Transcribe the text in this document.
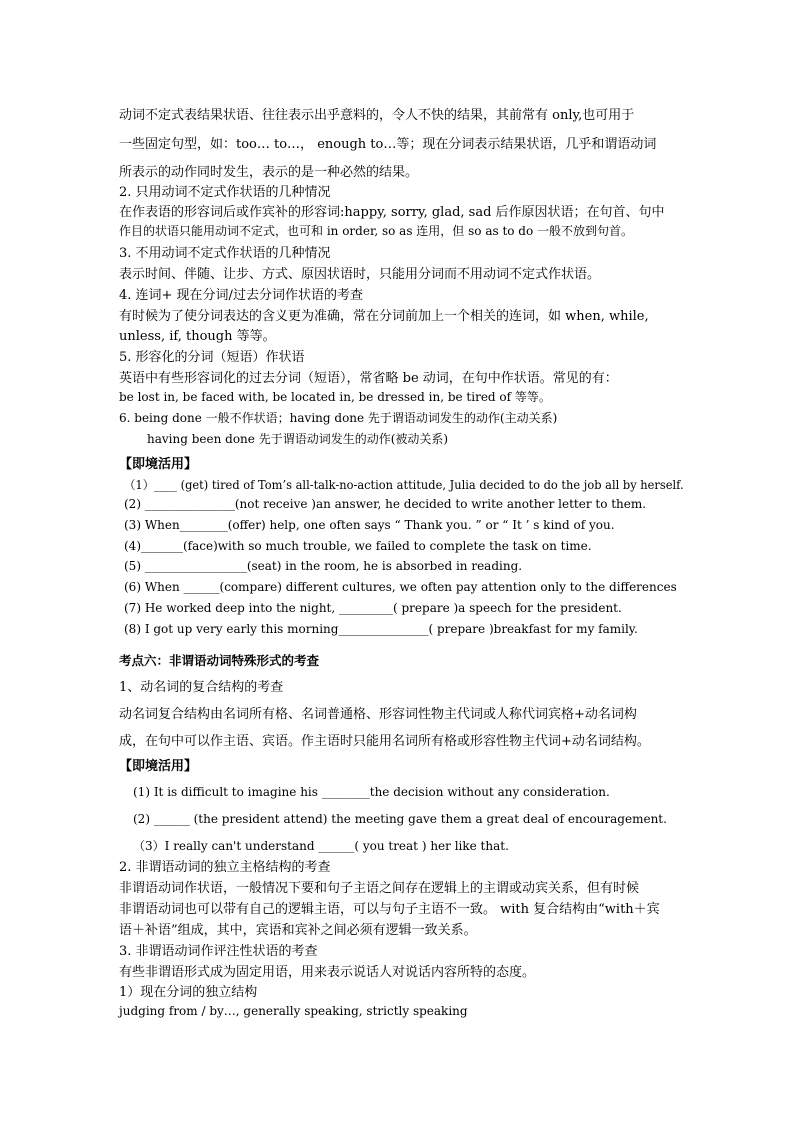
动词不定式表结果状语、往往表示出乎意料的，令人不快的结果，其前常有 only,也可用于
一些固定句型，如：too… to…， enough to…等；现在分词表示结果状语，几乎和谓语动词
所表示的动作同时发生，表示的是一种必然的结果。
2. 只用动词不定式作状语的几种情况
在作表语的形容词后或作宾补的形容词:happy, sorry, glad, sad 后作原因状语；在句首、句中
作目的状语只能用动词不定式，也可和 in order, so as 连用，但 so as to do 一般不放到句首。
3. 不用动词不定式作状语的几种情况
表示时间、伴随、让步、方式、原因状语时，只能用分词而不用动词不定式作状语。
4. 连词+ 现在分词/过去分词作状语的考查
有时候为了使分词表达的含义更为准确，常在分词前加上一个相关的连词，如 when, while,
unless, if, though 等等。
5. 形容化的分词（短语）作状语
英语中有些形容词化的过去分词（短语），常省略 be 动词，在句中作状语。常见的有：
be lost in, be faced with, be located in, be dressed in, be tired of 等等。
6. being done 一般不作状语；having done 先于谓语动词发生的动作(主动关系)
having been done 先于谓语动词发生的动作(被动关系)
【即境活用】
（1）____ (get) tired of Tom’s all-talk-no-action attitude, Julia decided to do the job all by herself.
(2) _______________(not receive )an answer, he decided to write another letter to them.
(3) When________(offer) help, one often says “ Thank you. ” or “ It ’ s kind of you.
(4)_______(face)with so much trouble, we failed to complete the task on time.
(5) _________________(seat) in the room, he is absorbed in reading.
(6) When ______(compare) different cultures, we often pay attention only to the differences
(7) He worked deep into the night, _________( prepare )a speech for the president.
(8) I got up very early this morning_______________( prepare )breakfast for my family.
考点六：非谓语动词特殊形式的考查
1、动名词的复合结构的考查
动名词复合结构由名词所有格、名词普通格、形容词性物主代词或人称代词宾格+动名词构
成，在句中可以作主语、宾语。作主语时只能用名词所有格或形容性物主代词+动名词结构。
【即境活用】
(1) It is difficult to imagine his ________the decision without any consideration.
(2) ______ (the president attend) the meeting gave them a great deal of encouragement.
（3）I really can't understand ______( you treat ) her like that.
2. 非谓语动词的独立主格结构的考查
非谓语动词作状语，一般情况下要和句子主语之间存在逻辑上的主谓或动宾关系，但有时候
非谓语动词也可以带有自己的逻辑主语，可以与句子主语不一致。 with 复合结构由“with＋宾
语＋补语”组成，其中，宾语和宾补之间必须有逻辑一致关系。
3. 非谓语动词作评注性状语的考查
有些非谓语形式成为固定用语，用来表示说话人对说话内容所特的态度。
1）现在分词的独立结构
judging from / by…, generally speaking, strictly speaking
